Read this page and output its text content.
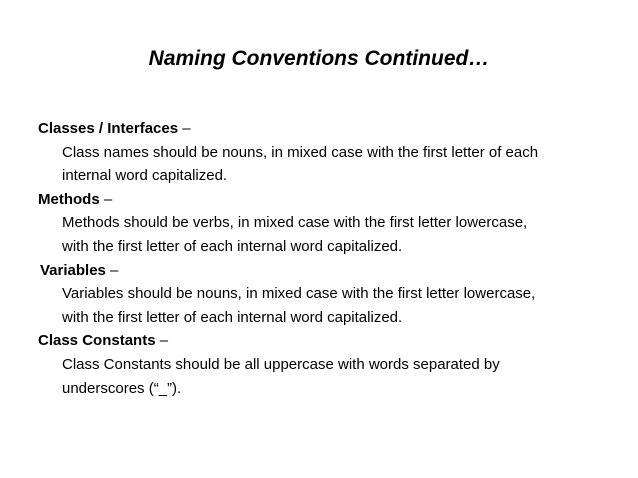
Naming Conventions Continued…
Classes / Interfaces –
Class names should be nouns, in mixed case with the first letter of each
internal word capitalized.
Methods –
Methods should be verbs, in mixed case with the first letter lowercase,
with the first letter of each internal word capitalized.
Variables –
Variables should be nouns, in mixed case with the first letter lowercase,
with the first letter of each internal word capitalized.
Class Constants –
Class Constants should be all uppercase with words separated by
underscores (“_”).
